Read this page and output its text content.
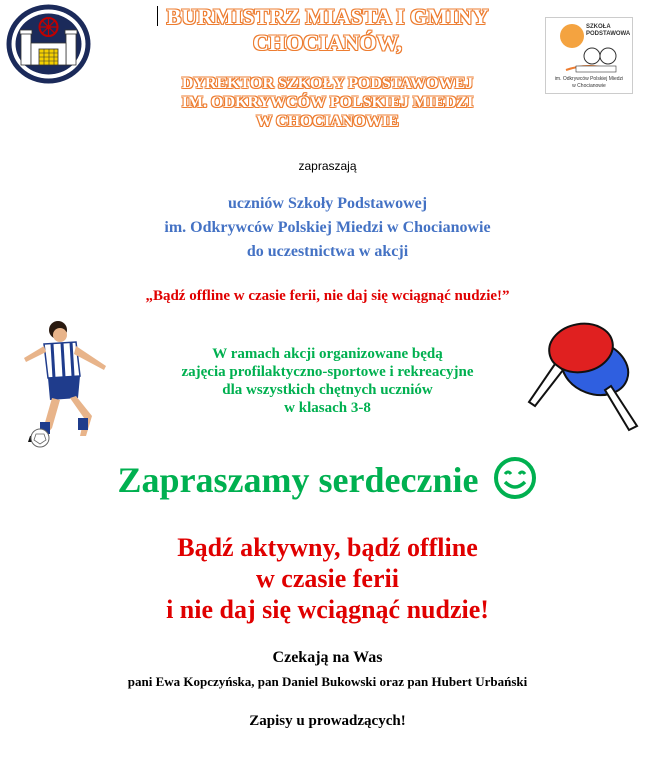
SZKOŁA
PODSTAWOWA
im. Odkrywców Polskiej Miedzi
w Chocianowie
BURMISTRZ MIASTA I GMINY
CHOCIANÓW,
DYREKTOR SZKOŁY PODSTAWOWEJ
IM. ODKRYWCÓW POLSKIEJ MIEDZI
W CHOCIANOWIE
zapraszają
uczniów Szkoły Podstawowej
im. Odkrywców Polskiej Miedzi w Chocianowie
do uczestnictwa w akcji
„Bądź offline w czasie ferii, nie daj się wciągnąć nudzie!”
W ramach akcji organizowane będą
zajęcia profilaktyczno-sportowe i rekreacyjne
dla wszystkich chętnych uczniów
w klasach 3-8
Zapraszamy serdecznie
Bądź aktywny, bądź offline
w czasie ferii
i nie daj się wciągnąć nudzie!
Czekają na Was
pani Ewa Kopczyńska, pan Daniel Bukowski oraz pan Hubert Urbański
Zapisy u prowadzących!
